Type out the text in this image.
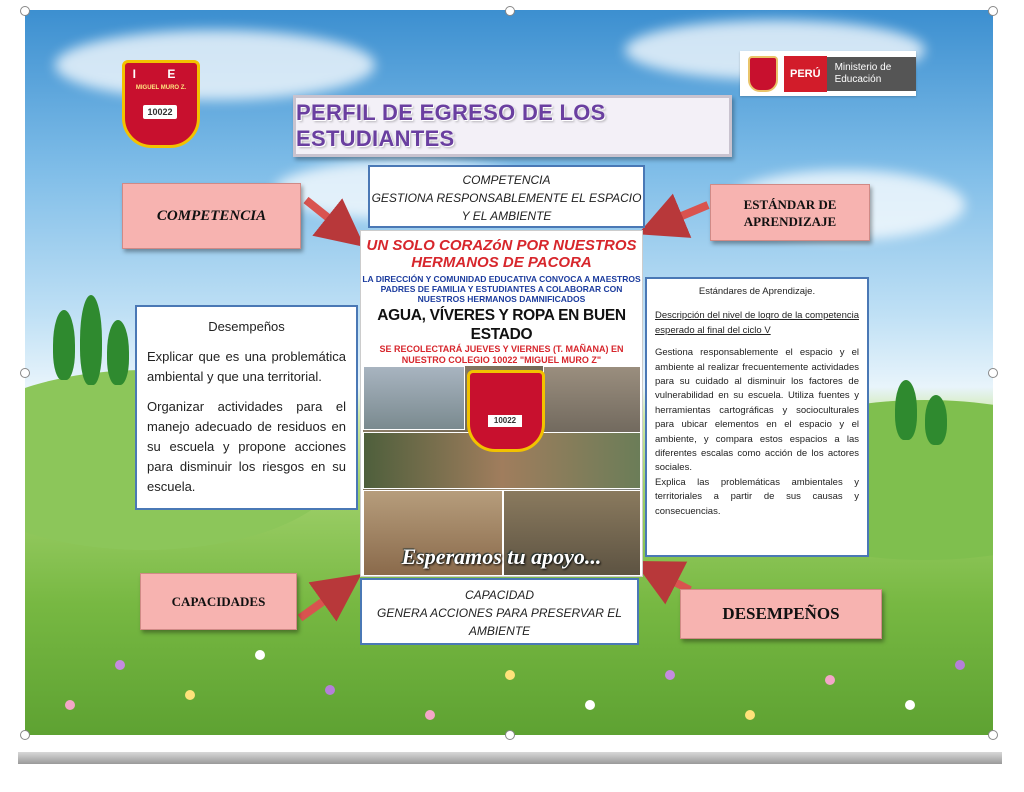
I E
MIGUEL MURO Z.
10022
PERÚ
Ministerio de Educación
PERFIL DE EGRESO DE LOS ESTUDIANTES
COMPETENCIA
ESTÁNDAR DE APRENDIZAJE
CAPACIDADES
DESEMPEÑOS
COMPETENCIA
GESTIONA RESPONSABLEMENTE EL ESPACIO Y EL AMBIENTE
CAPACIDAD
GENERA ACCIONES PARA PRESERVAR EL AMBIENTE
Desempeños

Explicar que es una problemática ambiental y que una territorial.

Organizar actividades para el manejo adecuado de residuos en su escuela y propone acciones para disminuir los riesgos en su escuela.

Estándares de Aprendizaje.
Descripción del nivel de logro de la competencia esperado al final del ciclo V

Gestiona responsablemente el espacio y el ambiente al realizar frecuentemente actividades para su cuidado al disminuir los factores de vulnerabilidad en su escuela. Utiliza fuentes y herramientas cartográficas y socioculturales para ubicar elementos en el espacio y el ambiente, y compara estos espacios a las diferentes escalas como acción de los actores sociales.

Explica las problemáticas ambientales y territoriales a partir de sus causas y consecuencias.

UN SOLO CORAZóN POR NUESTROS HERMANOS DE PACORA
LA DIRECCIÓN Y COMUNIDAD EDUCATIVA CONVOCA A MAESTROS PADRES DE FAMILIA Y ESTUDIANTES A COLABORAR CON NUESTROS HERMANOS DAMNIFICADOS
AGUA, VÍVERES Y ROPA EN BUEN ESTADO
SE RECOLECTARÁ JUEVES Y VIERNES (T. MAÑANA) EN NUESTRO COLEGIO 10022 "MIGUEL MURO Z"
10022
Esperamos tu apoyo...
